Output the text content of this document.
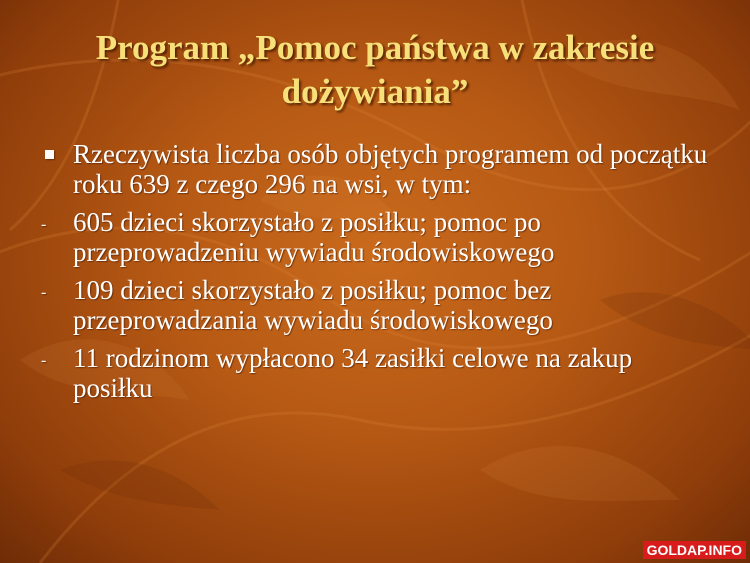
Program „Pomoc państwa w zakresie dożywiania”
Rzeczywista liczba osób objętych programem od początku roku 639 z czego 296 na wsi, w tym:
- 605 dzieci skorzystało z posiłku; pomoc po przeprowadzeniu wywiadu środowiskowego
- 109 dzieci skorzystało z posiłku; pomoc bez przeprowadzania wywiadu środowiskowego
- 11 rodzinom wypłacono 34 zasiłki celowe na zakup posiłku
GOLDAP.INFO
